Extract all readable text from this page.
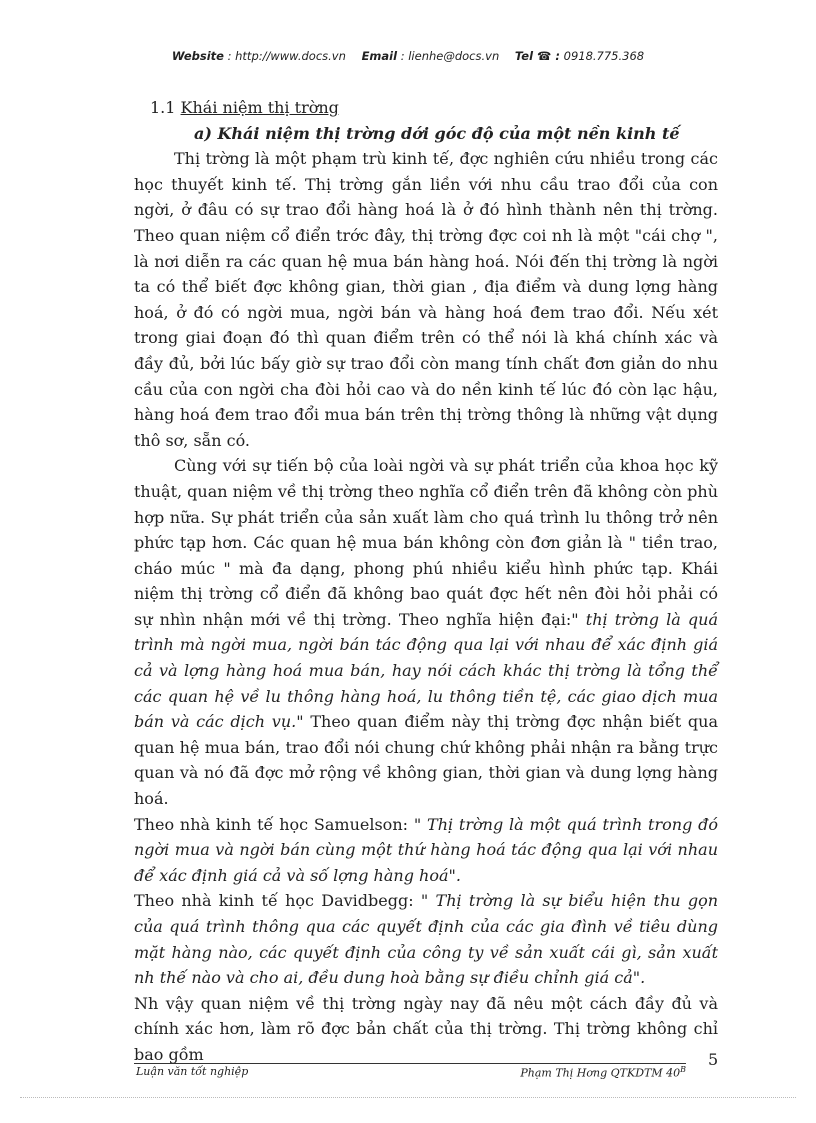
Website : http://www.docs.vn Email : lienhe@docs.vn Tel ☎ : 0918.775.368

1.1 Khái niệm thị trờng

a) Khái niệm thị trờng dới góc độ của một nền kinh tế

Thị trờng là một phạm trù kinh tế, đợc nghiên cứu nhiều trong các học thuyết kinh tế. Thị trờng gắn liền với nhu cầu trao đổi của con ngời, ở đâu có sự trao đổi hàng hoá là ở đó hình thành nên thị trờng. Theo quan niệm cổ điển trớc đây, thị trờng đợc coi nh là một "cái chợ ", là nơi diễn ra các quan hệ mua bán hàng hoá. Nói đến thị trờng là ngời ta có thể biết đợc không gian, thời gian , địa điểm và dung lợng hàng hoá, ở đó có ngời mua, ngời bán và hàng hoá đem trao đổi. Nếu xét trong giai đoạn đó thì quan điểm trên có thể nói là khá chính xác và đầy đủ, bởi lúc bấy giờ sự trao đổi còn mang tính chất đơn giản do nhu cầu của con ngời cha đòi hỏi cao và do nền kinh tế lúc đó còn lạc hậu, hàng hoá đem trao đổi mua bán trên thị trờng thông là những vật dụng thô sơ, sẵn có.

Cùng với sự tiến bộ của loài ngời và sự phát triển của khoa học kỹ thuật, quan niệm về thị trờng theo nghĩa cổ điển trên đã không còn phù hợp nữa. Sự phát triển của sản xuất làm cho quá trình lu thông trở nên phức tạp hơn. Các quan hệ mua bán không còn đơn giản là " tiền trao, cháo múc " mà đa dạng, phong phú nhiều kiểu hình phức tạp. Khái niệm thị trờng cổ điển đã không bao quát đợc hết nên đòi hỏi phải có sự nhìn nhận mới về thị trờng. Theo nghĩa hiện đại:" thị trờng là quá trình mà ngời mua, ngời bán tác động qua lại với nhau để xác định giá cả và lợng hàng hoá mua bán, hay nói cách khác thị trờng là tổng thể các quan hệ về lu thông hàng hoá, lu thông tiền tệ, các giao dịch mua bán và các dịch vụ." Theo quan điểm này thị trờng đợc nhận biết qua quan hệ mua bán, trao đổi nói chung chứ không phải nhận ra bằng trực quan và nó đã đợc mở rộng về không gian, thời gian và dung lợng hàng hoá.

Theo nhà kinh tế học Samuelson: " Thị trờng là một quá trình trong đó ngời mua và ngời bán cùng một thứ hàng hoá tác động qua lại với nhau để xác định giá cả và số lợng hàng hoá".

Theo nhà kinh tế học Davidbegg: " Thị trờng là sự biểu hiện thu gọn của quá trình thông qua các quyết định của các gia đình về tiêu dùng mặt hàng nào, các quyết định của công ty về sản xuất cái gì, sản xuất nh thế nào và cho ai, đều dung hoà bằng sự điều chỉnh giá cả".

Nh vậy quan niệm về thị trờng ngày nay đã nêu một cách đầy đủ và chính xác hơn, làm rõ đợc bản chất của thị trờng. Thị trờng không chỉ bao gồm

Luận văn tốt nghiệp	Phạm Thị Hơng QTKDTM $40^B$
5
